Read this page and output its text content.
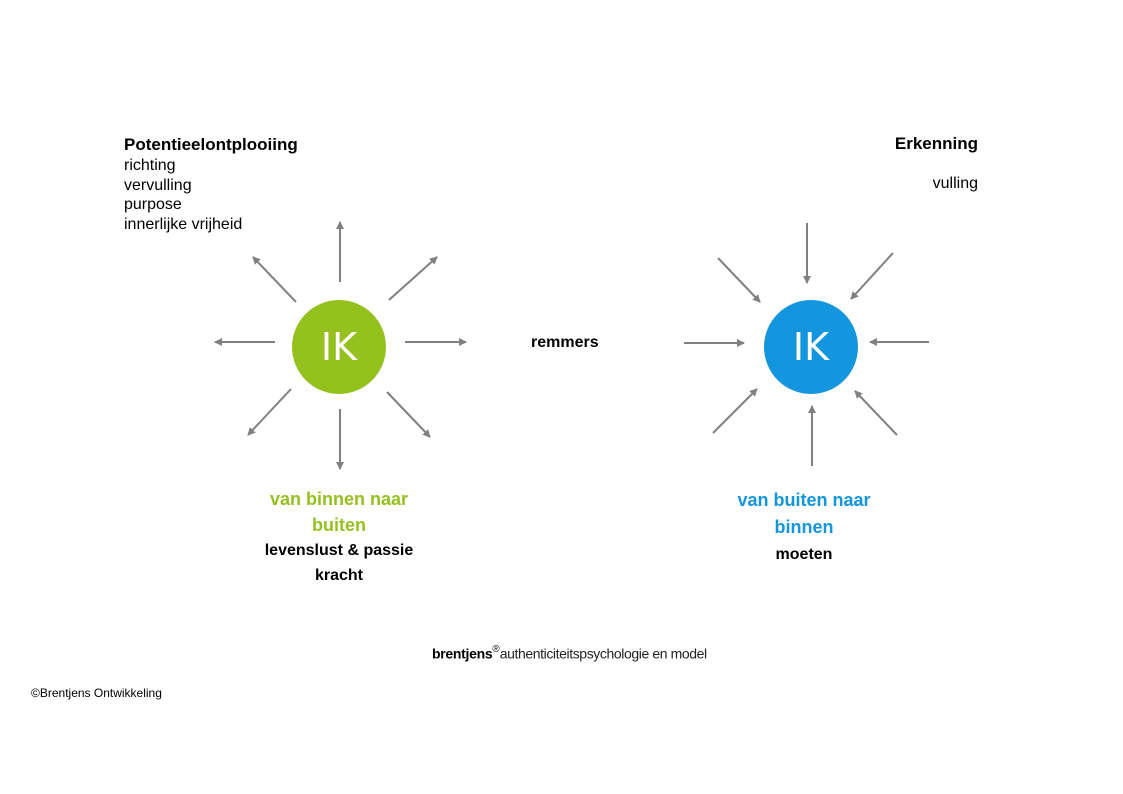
IK	IK
Potentieelontplooiing
richting
vervulling
purpose
innerlijke vrijheid
Erkenning
vulling
remmers
van binnen naar
buiten
levenslust & passie
kracht
van buiten naar
binnen
moeten
brentjens®authenticiteitspsychologie en model
©Brentjens Ontwikkeling
